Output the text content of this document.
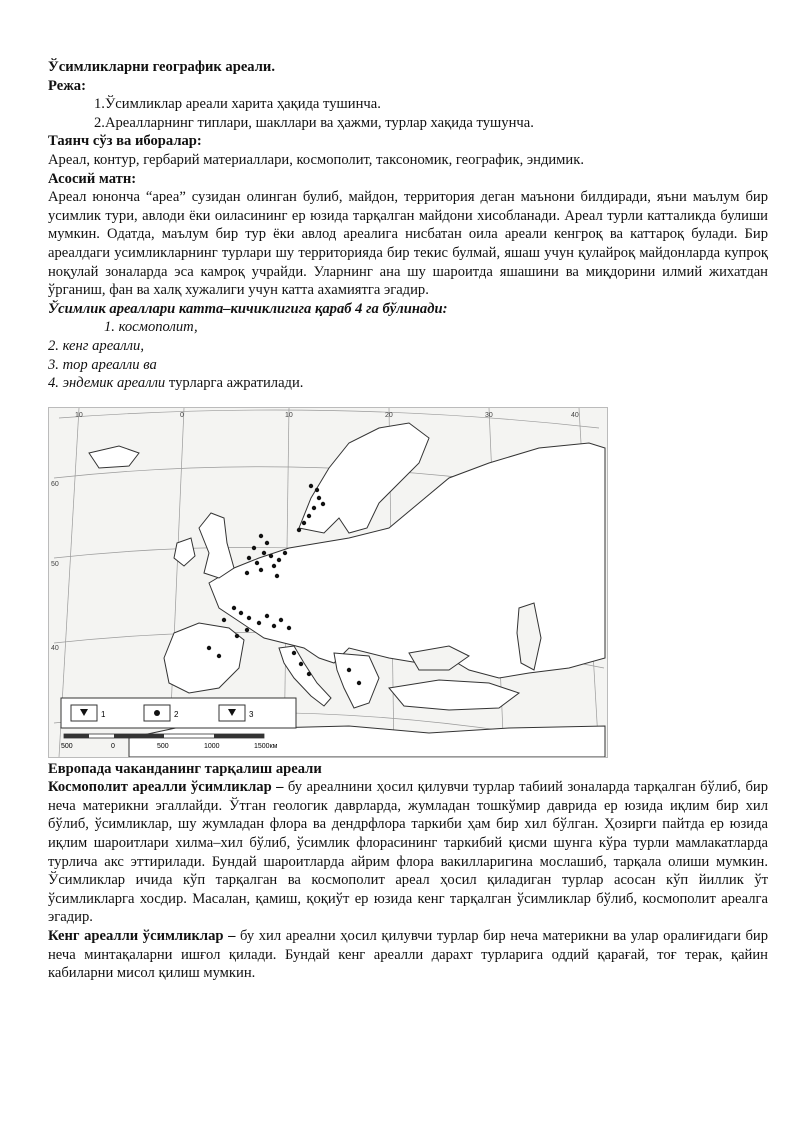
Ўсимликларни географик ареали.

Режа:

1.Ўсимликлар ареали харита ҳақида тушинча.

2.Ареалларнинг типлари, шакллари ва ҳажми, турлар хақида тушунча.

Таянч сўз ва иборалар:

Ареал, контур, гербарий материаллари, космополит, таксономик, географик, эндимик.

Асосий матн:

Ареал юнонча “ареа” сузидан олинган булиб, майдон, территория деган маънони билдиради, яъни маълум бир усимлик тури, авлоди ёки оиласининг ер юзида тарқалган майдони хисобланади. Ареал турли катталикда булиши мумкин. Одатда, маълум бир тур ёки авлод ареалига нисбатан оила ареали кенгроқ ва каттароқ булади. Бир ареалдаги усимликларнинг турлари шу территорияда бир текис булмай, яшаш учун қулайроқ майдонларда купроқ ноқулай зоналарда эса камроқ учрайди. Уларнинг ана шу шароитда яшашини ва миқдорини илмий жихатдан ўрганиш, фан ва халқ хужалиги учун катта ахамиятга эгадир.

Ўсимлик ареаллари катта–кичиклигига қараб 4 га бўлинади:

1. космополит,

2. кенг ареалли,

3. тор ареалли ва

4. эндемик ареалли турларга ажратилади.

1	2	3
500	0	500	1000	1500км
60
50
40
10	0	10	20	30	40

Европада чаканданинг тарқалиш ареали

Космополит ареалли ўсимликлар – бу ареалнини ҳосил қилувчи турлар табиий зоналарда тарқалган бўлиб, бир неча материкни эгаллайди. Ўтган геологик даврларда, жумладан тошкўмир даврида ер юзида иқлим бир хил бўлиб, ўсимликлар, шу жумладан флора ва дендрфлора таркиби ҳам бир хил бўлган. Ҳозирги пайтда ер юзида иқлим шароитлари хилма–хил бўлиб, ўсимлик флорасининг таркибий қисми шунга кўра турли мамлакатларда турлича акс эттирилади. Бундай шароитларда айрим флора вакилларигина мослашиб, тарқала олиши мумкин. Ўсимликлар ичида кўп тарқалган ва космополит ареал ҳосил қиладиган турлар асосан кўп йиллик ўт ўсимликларга хосдир. Масалан, қамиш, қоқиўт ер юзида кенг тарқалган ўсимликлар бўлиб, космополит ареалга эгадир.

Кенг ареалли ўсимликлар – бу хил ареални ҳосил қилувчи турлар бир неча материкни ва улар оралиғидаги бир неча минтақаларни ишғол қилади. Бундай кенг ареалли дарахт турларига оддий қарағай, тоғ терак, қайин кабиларни мисол қилиш мумкин.
